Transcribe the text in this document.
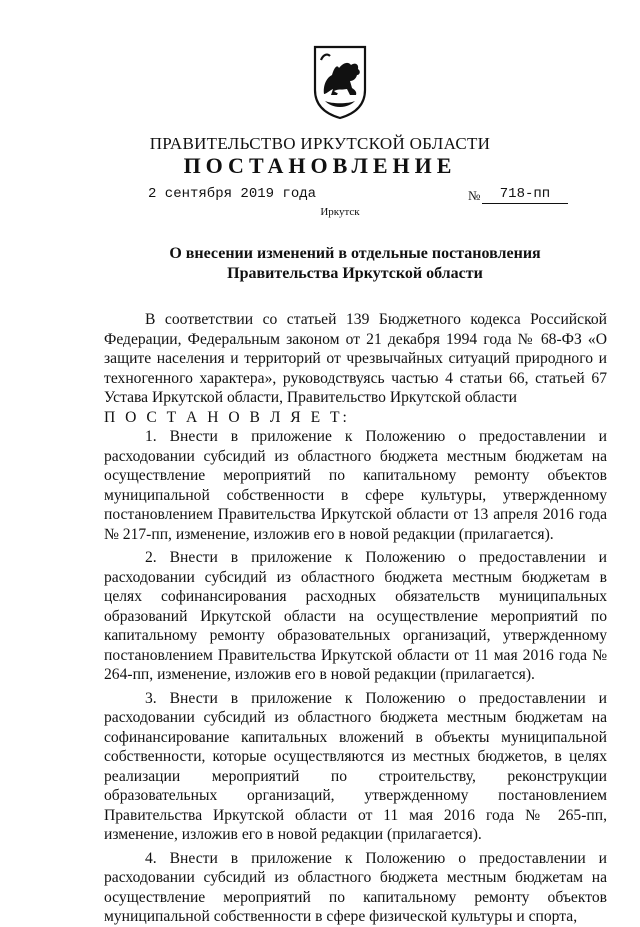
ПРАВИТЕЛЬСТВО ИРКУТСКОЙ ОБЛАСТИ
ПОСТАНОВЛЕНИЕ
2 сентября 2019 года	№	718-пп
Иркутск
О внесении изменений в отдельные постановления Правительства Иркутской области

В соответствии со статьей 139 Бюджетного кодекса Российской Федерации, Федеральным законом от 21 декабря 1994 года № 68-ФЗ «О защите населения и территорий от чрезвычайных ситуаций природного и техногенного характера», руководствуясь частью 4 статьи 66, статьей 67 Устава Иркутской области, Правительство Иркутской области

П О С Т А Н О В Л Я Е Т:

1. Внести в приложение к Положению о предоставлении и расходовании субсидий из областного бюджета местным бюджетам на осуществление мероприятий по капитальному ремонту объектов муниципальной собственности в сфере культуры, утвержденному постановлением Правительства Иркутской области от 13 апреля 2016 года № 217-пп, изменение, изложив его в новой редакции (прилагается).

2. Внести в приложение к Положению о предоставлении и расходовании субсидий из областного бюджета местным бюджетам в целях софинансирования расходных обязательств муниципальных образований Иркутской области на осуществление мероприятий по капитальному ремонту образовательных организаций, утвержденному постановлением Правительства Иркутской области от 11 мая 2016 года № 264-пп, изменение, изложив его в новой редакции (прилагается).

3. Внести в приложение к Положению о предоставлении и расходовании субсидий из областного бюджета местным бюджетам на софинансирование капитальных вложений в объекты муниципальной собственности, которые осуществляются из местных бюджетов, в целях реализации мероприятий по строительству, реконструкции образовательных организаций, утвержденному постановлением Правительства Иркутской области от 11 мая 2016 года № 265-пп, изменение, изложив его в новой редакции (прилагается).

4. Внести в приложение к Положению о предоставлении и расходовании субсидий из областного бюджета местным бюджетам на осуществление мероприятий по капитальному ремонту объектов муниципальной собственности в сфере физической культуры и спорта,
